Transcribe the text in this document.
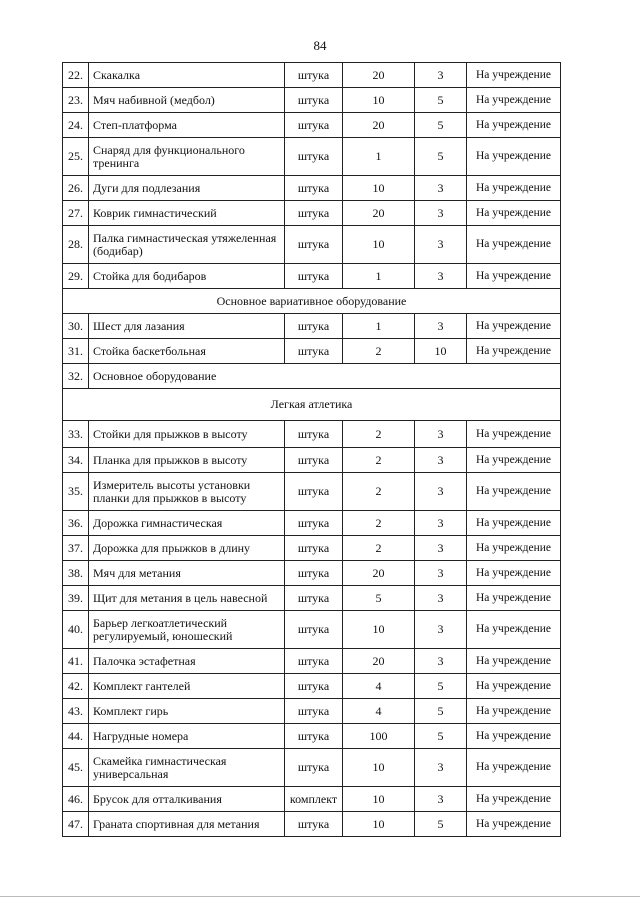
84
22.	Скакалка	штука	20	3	На учреждение
23.	Мяч набивной (медбол)	штука	10	5	На учреждение
24.	Степ-платформа	штука	20	5	На учреждение
25.	Снаряд для функционального тренинга	штука	1	5	На учреждение
26.	Дуги для подлезания	штука	10	3	На учреждение
27.	Коврик гимнастический	штука	20	3	На учреждение
28.	Палка гимнастическая утяжеленная (бодибар)	штука	10	3	На учреждение
29.	Стойка для бодибаров	штука	1	3	На учреждение
Основное вариативное оборудование					
30.	Шест для лазания	штука	1	3	На учреждение
31.	Стойка баскетбольная	штука	2	10	На учреждение
32.	Основное оборудование				
Легкая атлетика					
33.	Стойки для прыжков в высоту	штука	2	3	На учреждение
34.	Планка для прыжков в высоту	штука	2	3	На учреждение
35.	Измеритель высоты установки планки для прыжков в высоту	штука	2	3	На учреждение
36.	Дорожка гимнастическая	штука	2	3	На учреждение
37.	Дорожка для прыжков в длину	штука	2	3	На учреждение
38.	Мяч для метания	штука	20	3	На учреждение
39.	Щит для метания в цель навесной	штука	5	3	На учреждение
40.	Барьер легкоатлетический регулируемый, юношеский	штука	10	3	На учреждение
41.	Палочка эстафетная	штука	20	3	На учреждение
42.	Комплект гантелей	штука	4	5	На учреждение
43.	Комплект гирь	штука	4	5	На учреждение
44.	Нагрудные номера	штука	100	5	На учреждение
45.	Скамейка гимнастическая универсальная	штука	10	3	На учреждение
46.	Брусок для отталкивания	комплект	10	3	На учреждение
47.	Граната спортивная для метания	штука	10	5	На учреждение
